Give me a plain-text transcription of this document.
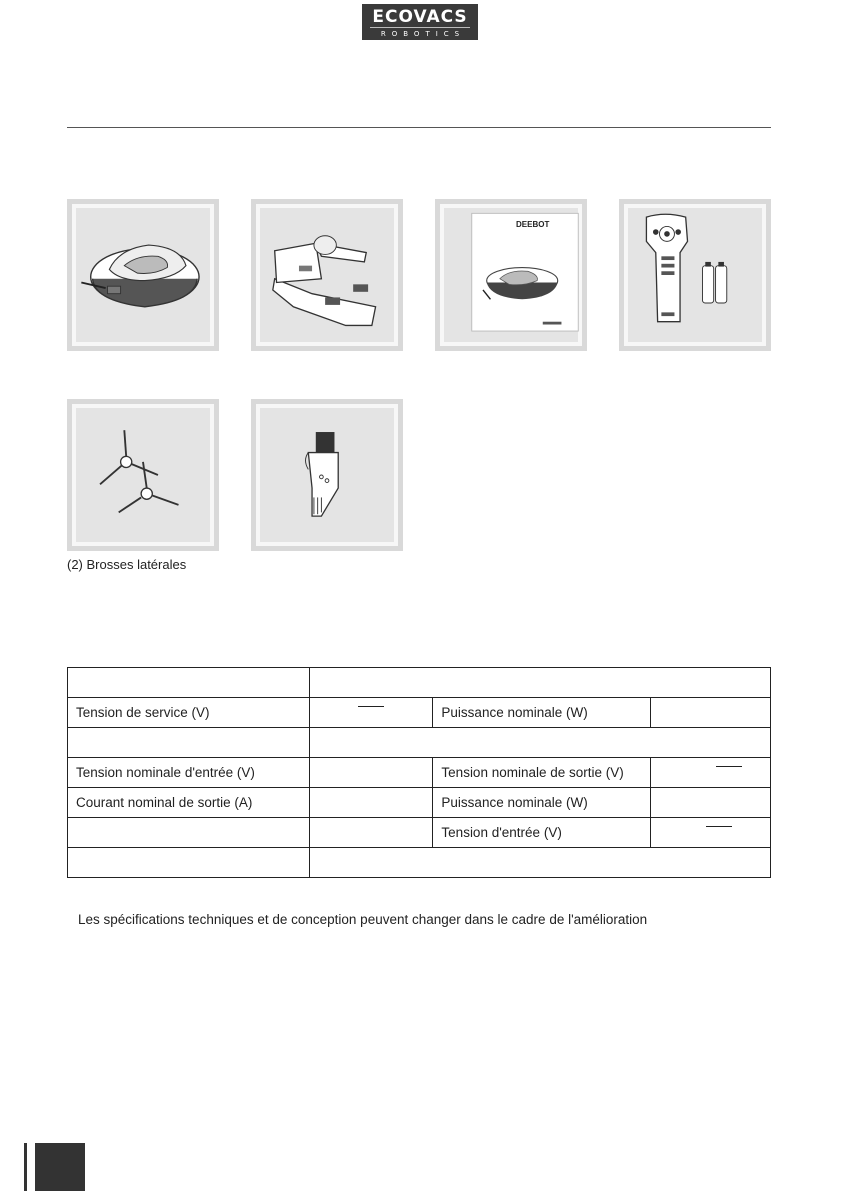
ECOVACS
ROBOTICS
DEEBOT
(2) Brosses latérales

Tension de service (V)		Puissance nominale (W)	

Tension nominale d'entrée (V)		Tension nominale de sortie (V)	
Courant nominal de sortie (A)		Puissance nominale (W)	
		Tension d'entrée (V)	

Les spécifications techniques et de conception peuvent changer dans le cadre de l'amélioration
